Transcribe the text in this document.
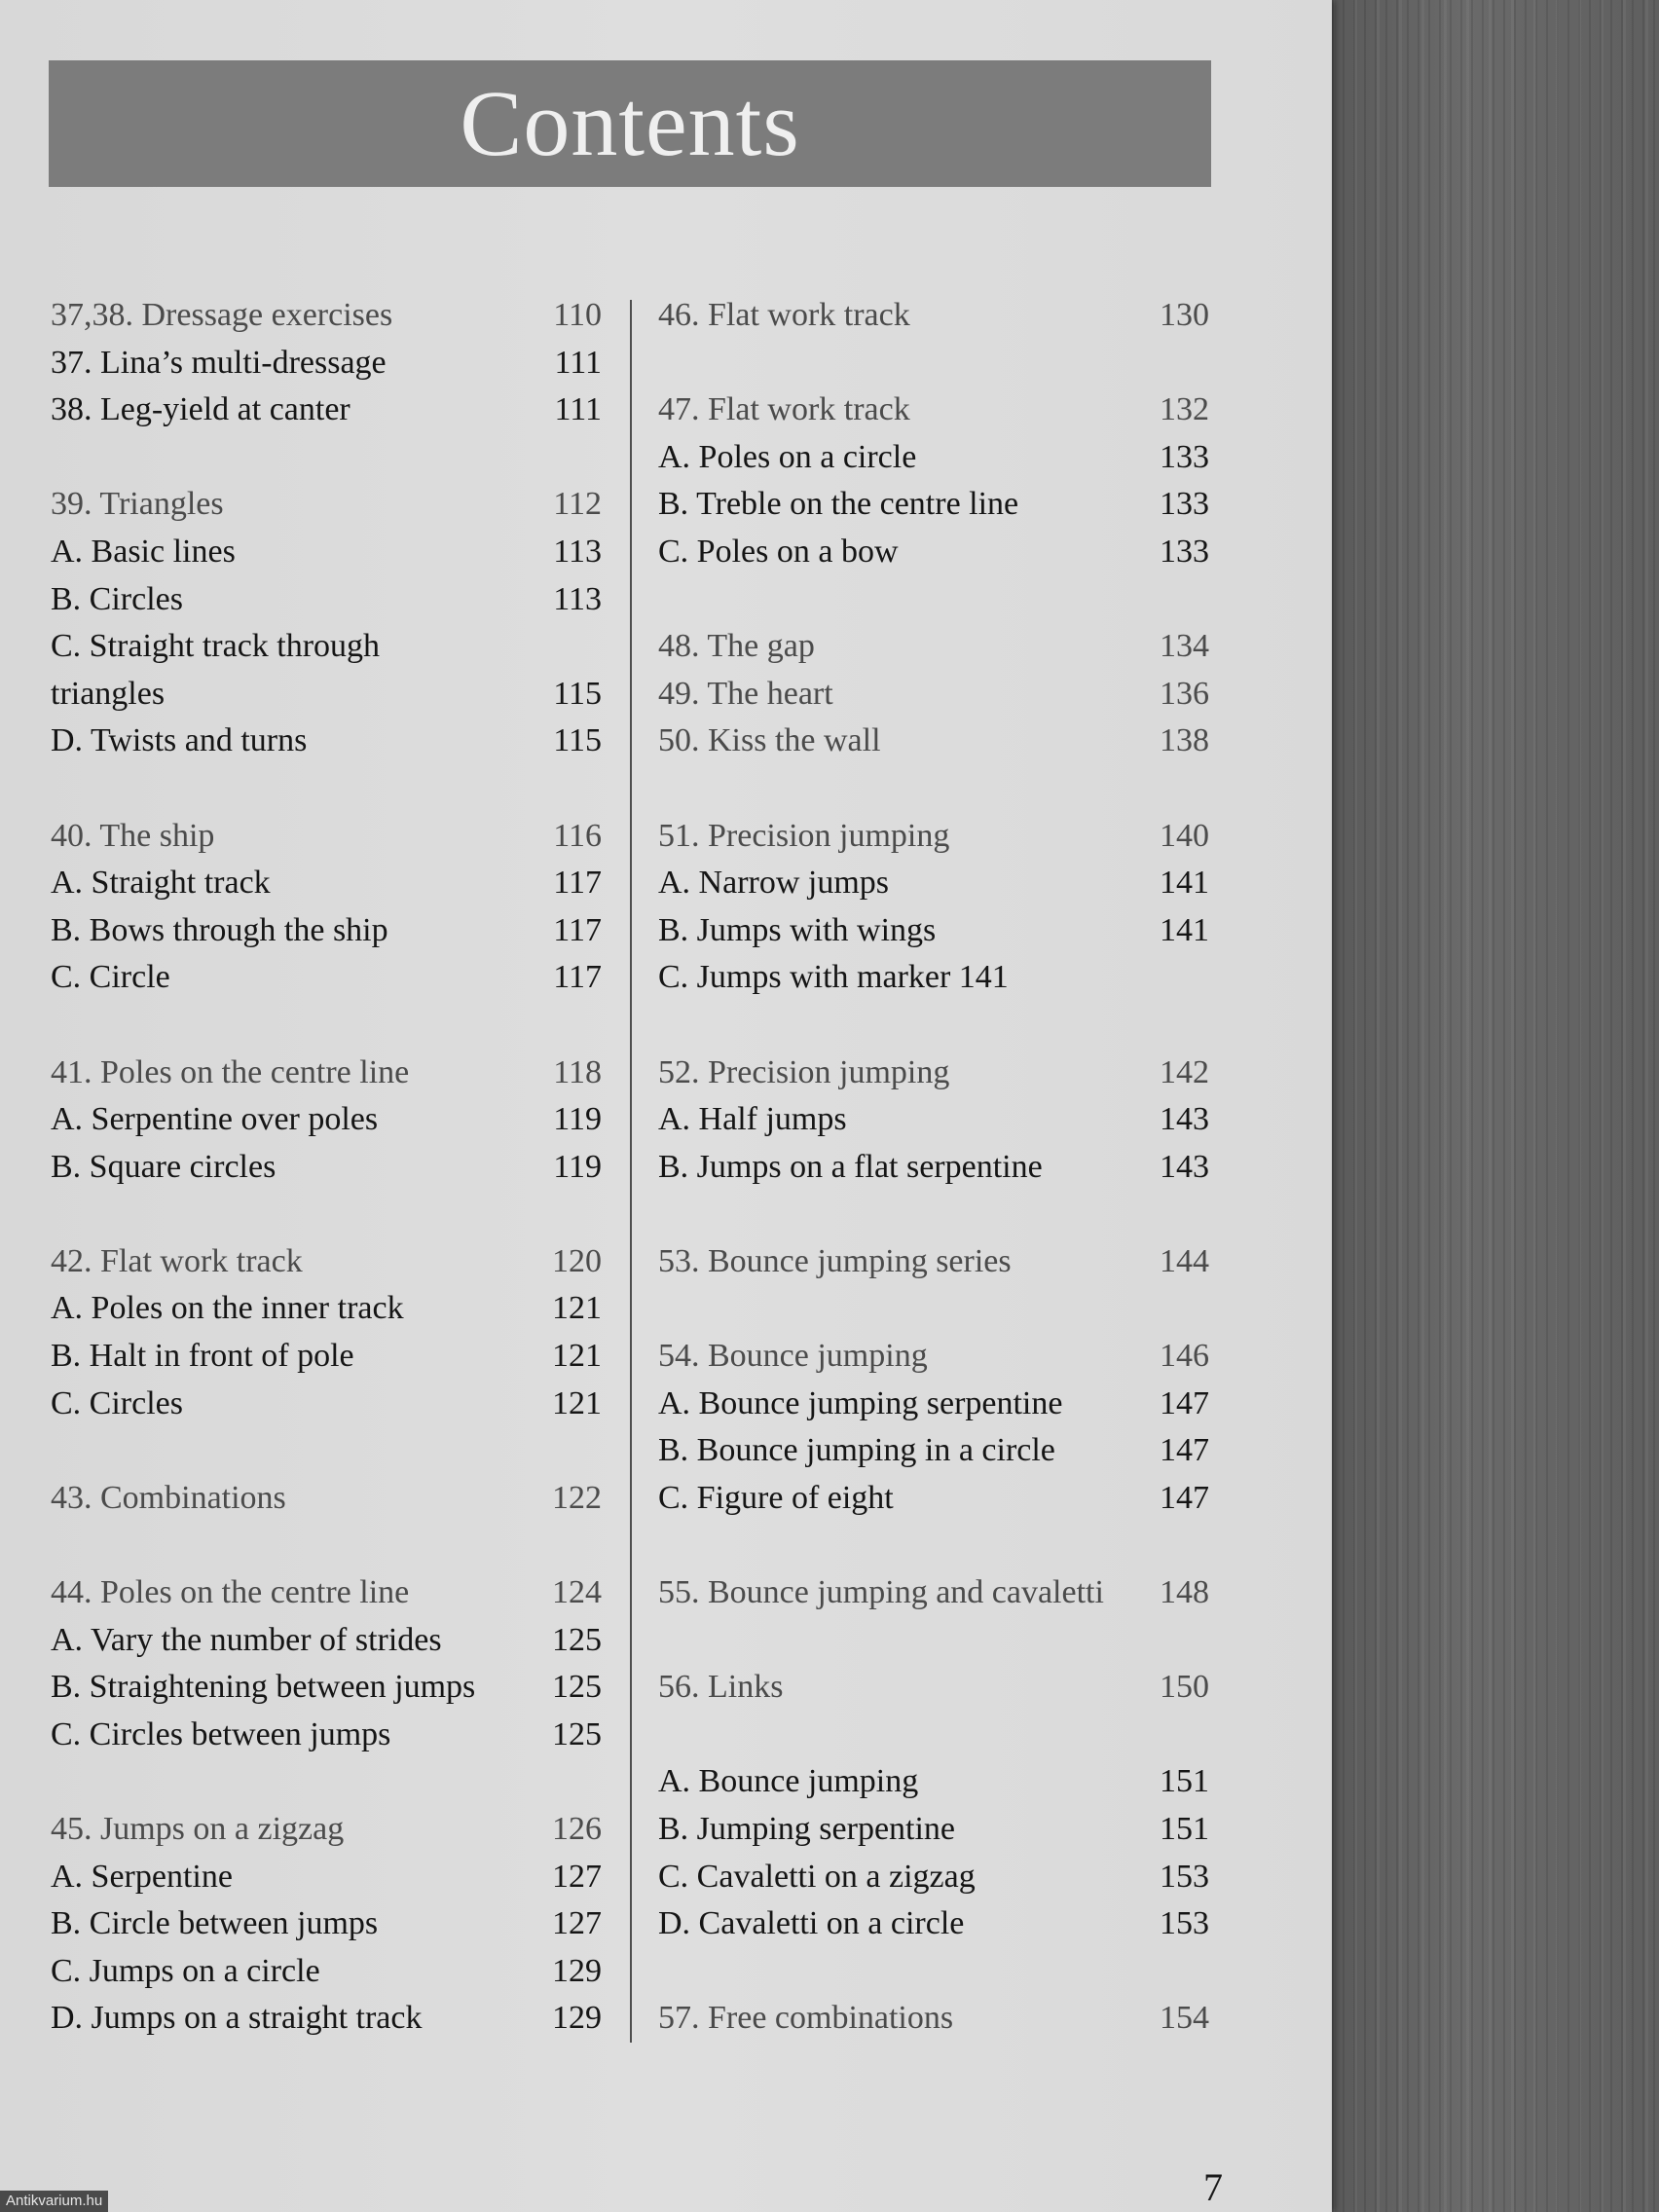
Contents
37,38. Dressage exercises	110
37. Lina’s multi-dressage	111
38. Leg-yield at canter	111
39. Triangles	112
A. Basic lines	113
B. Circles	113
C. Straight track through
triangles	115
D. Twists and turns	115
40. The ship	116
A. Straight track	117
B. Bows through the ship	117
C. Circle	117
41. Poles on the centre line	118
A. Serpentine over poles	119
B. Square circles	119
42. Flat work track	120
A. Poles on the inner track	121
B. Halt in front of pole	121
C. Circles	121
43. Combinations	122
44. Poles on the centre line	124
A. Vary the number of strides	125
B. Straightening between jumps 125
C. Circles between jumps	125
45. Jumps on a zigzag	126
A. Serpentine	127
B. Circle between jumps	127
C. Jumps on a circle	129
D. Jumps on a straight track	129
46. Flat work track	130
47. Flat work track	132
A. Poles on a circle	133
B. Treble on the centre line	133
C. Poles on a bow	133
48. The gap	134
49. The heart	136
50. Kiss the wall	138
51. Precision jumping	140
A. Narrow jumps	141
B. Jumps with wings	141
C. Jumps with marker 141
52. Precision jumping	142
A. Half jumps	143
B. Jumps on a flat serpentine	143
53. Bounce jumping series	144
54. Bounce jumping	146
A. Bounce jumping serpentine	147
B. Bounce jumping in a circle	147
C. Figure of eight	147
55. Bounce jumping and cavaletti 148
56. Links	150
A. Bounce jumping	151
B. Jumping serpentine	151
C. Cavaletti on a zigzag	153
D. Cavaletti on a circle	153
57. Free combinations	154
7
Antikvarium.hu
